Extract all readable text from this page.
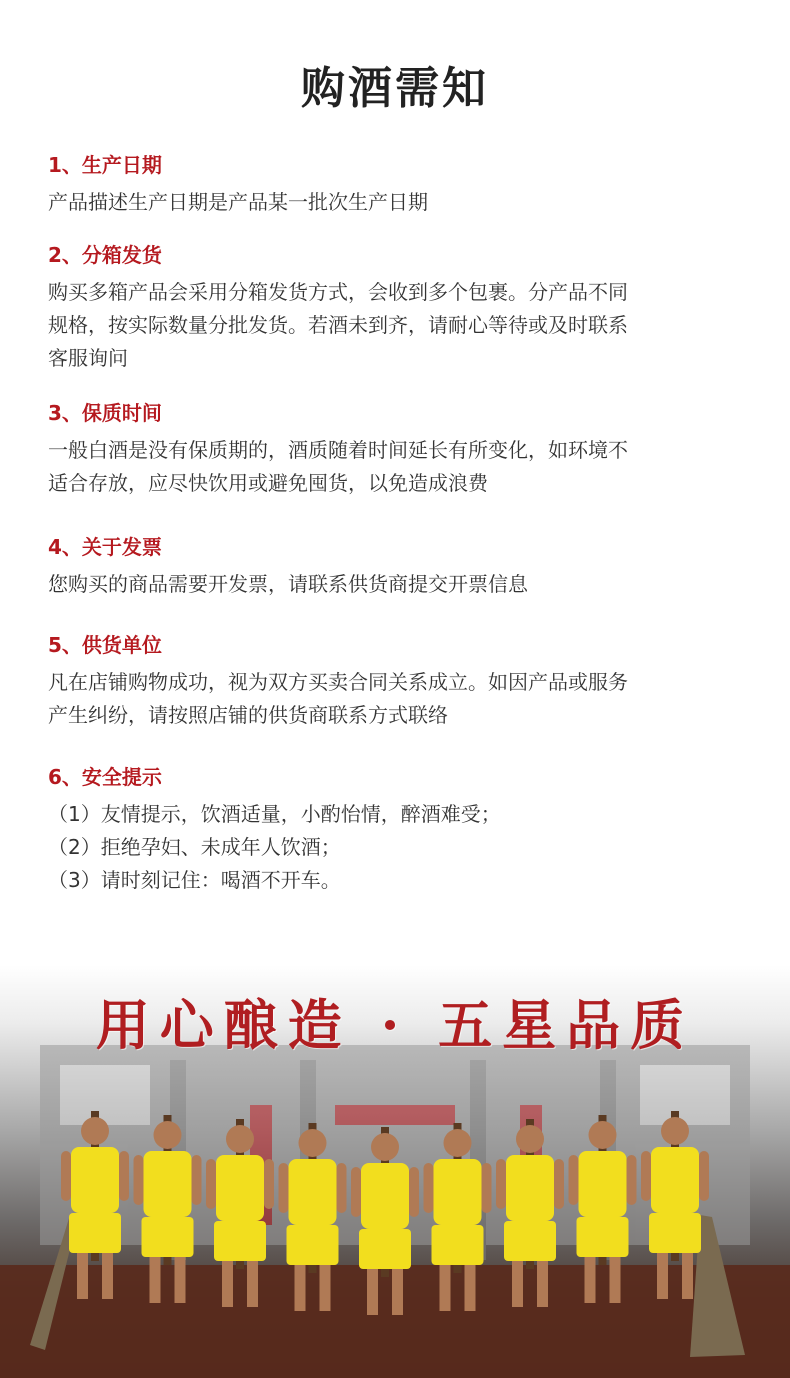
购酒需知
1、生产日期

产品描述生产日期是产品某一批次生产日期

2、分箱发货

购买多箱产品会采用分箱发货方式，会收到多个包裹。分产品不同

规格，按实际数量分批发货。若酒未到齐，请耐心等待或及时联系

客服询问

3、保质时间

一般白酒是没有保质期的，酒质随着时间延长有所变化，如环境不

适合存放，应尽快饮用或避免囤货，以免造成浪费

4、关于发票

您购买的商品需要开发票，请联系供货商提交开票信息

5、供货单位

凡在店铺购物成功，视为双方买卖合同关系成立。如因产品或服务

产生纠纷，请按照店铺的供货商联系方式联络

6、安全提示

（1）友情提示，饮酒适量，小酌怡情，醉酒难受；

（2）拒绝孕妇、未成年人饮酒；

（3）请时刻记住：喝酒不开车。

用心酿造 · 五星品质
